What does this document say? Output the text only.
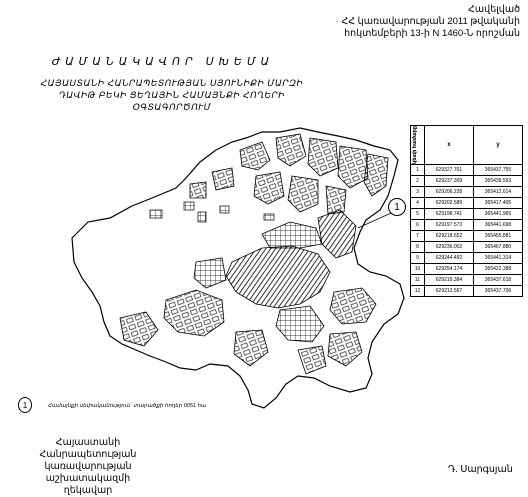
Հավելված
ՀՀ կառավարության 2011 թվականի
հոկտեմբերի 13-ի N 1460-Ն որոշման
ԺԱՄԱՆԱԿԱՎՈՐ ՍԽԵՄԱ
ՀԱՅԱՍՏԱՆԻ ՀԱՆՐԱՊԵՏՈՒԹՅԱՆ ՍՅՈՒՆԻՔԻ ՄԱՐԶԻ
ԴԱՎԻԹ ԲԵԿԻ ՑԵՂԱՅԻՆ ՀԱՄԱՅՆՔԻ ՀՈՂԵՐԻ
ՕԳՏԱԳՈՐԾՈՒՄ
1
կետի համարը	x	y
1	629327.761	365437.755
2	629237.309	365439.593
3	629206.228	365412.614
4	629202.589	365417.405
5	629198.741	365441.965
6	629197.573	365441.698
7	629218.652	365455.881
8	629236.002	365467.880
9	629244.492	365441.314
10	629254.174	365422.388
11	629219.384	365437.618
12	629212.567	365437.706
1	Համայնքի սեփականություն՝ տարածքի հողեր 0051 հա
Հայաստանի Հանրապետության
կառավարության աշխատակազմի
ղեկավար
Դ. Սարգսյան
